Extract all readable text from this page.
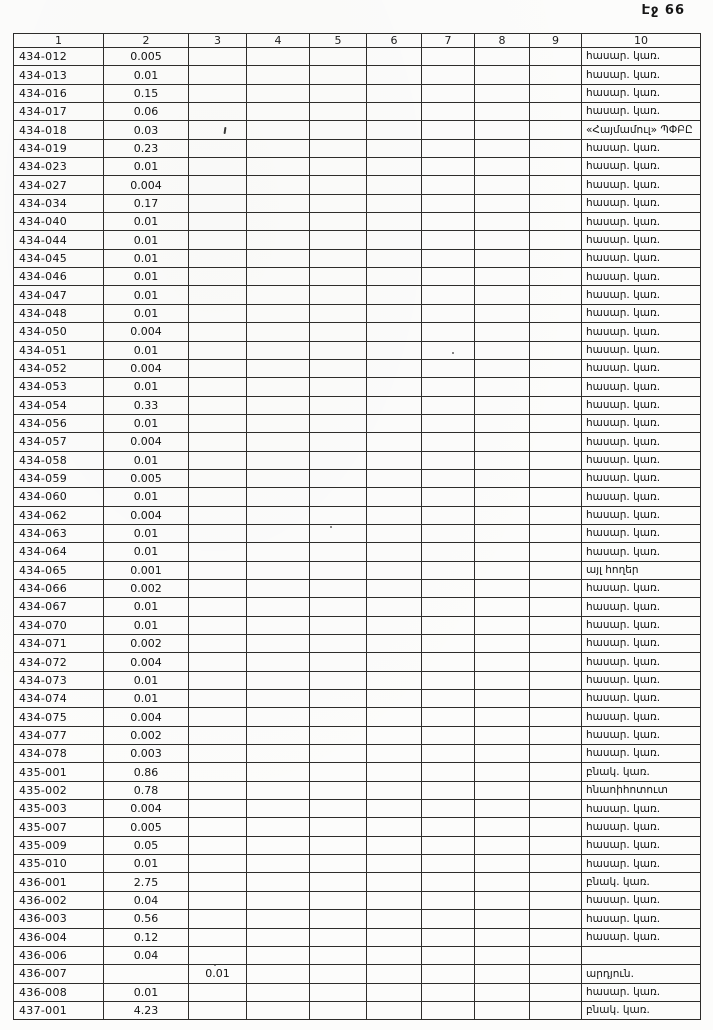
Էջ 66
1	2	3	4	5	6	7	8	9	10
434-012	0.005								հասար. կառ.
434-013	0.01								հասար. կառ.
434-016	0.15								հասար. կառ.
434-017	0.06								հասար. կառ.
434-018	0.03								«Հայմամուլ» ՊՓԲԸ
434-019	0.23								հասար. կառ.
434-023	0.01								հասար. կառ.
434-027	0.004								հասար. կառ.
434-034	0.17								հասար. կառ.
434-040	0.01								հասար. կառ.
434-044	0.01								հասար. կառ.
434-045	0.01								հասար. կառ.
434-046	0.01								հասար. կառ.
434-047	0.01								հասար. կառ.
434-048	0.01								հասար. կառ.
434-050	0.004								հասար. կառ.
434-051	0.01								հասար. կառ.
434-052	0.004								հասար. կառ.
434-053	0.01								հասար. կառ.
434-054	0.33								հասար. կառ.
434-056	0.01								հասար. կառ.
434-057	0.004								հասար. կառ.
434-058	0.01								հասար. կառ.
434-059	0.005								հասար. կառ.
434-060	0.01								հասար. կառ.
434-062	0.004								հասար. կառ.
434-063	0.01								հասար. կառ.
434-064	0.01								հասար. կառ.
434-065	0.001								այլ հողեր
434-066	0.002								հասար. կառ.
434-067	0.01								հասար. կառ.
434-070	0.01								հասար. կառ.
434-071	0.002								հասար. կառ.
434-072	0.004								հասար. կառ.
434-073	0.01								հասար. կառ.
434-074	0.01								հասար. կառ.
434-075	0.004								հասար. կառ.
434-077	0.002								հասար. կառ.
434-078	0.003								հասար. կառ.
435-001	0.86								բնակ. կառ.
435-002	0.78								հնաոիհոտուտ
435-003	0.004								հասար. կառ.
435-007	0.005								հասար. կառ.
435-009	0.05								հասար. կառ.
435-010	0.01								հասար. կառ.
436-001	2.75								բնակ. կառ.
436-002	0.04								հասար. կառ.
436-003	0.56								հասար. կառ.
436-004	0.12								հասար. կառ.
436-006	0.04								
436-007		0.01							արդյուն.
436-008	0.01								հասար. կառ.
437-001	4.23								բնակ. կառ.
